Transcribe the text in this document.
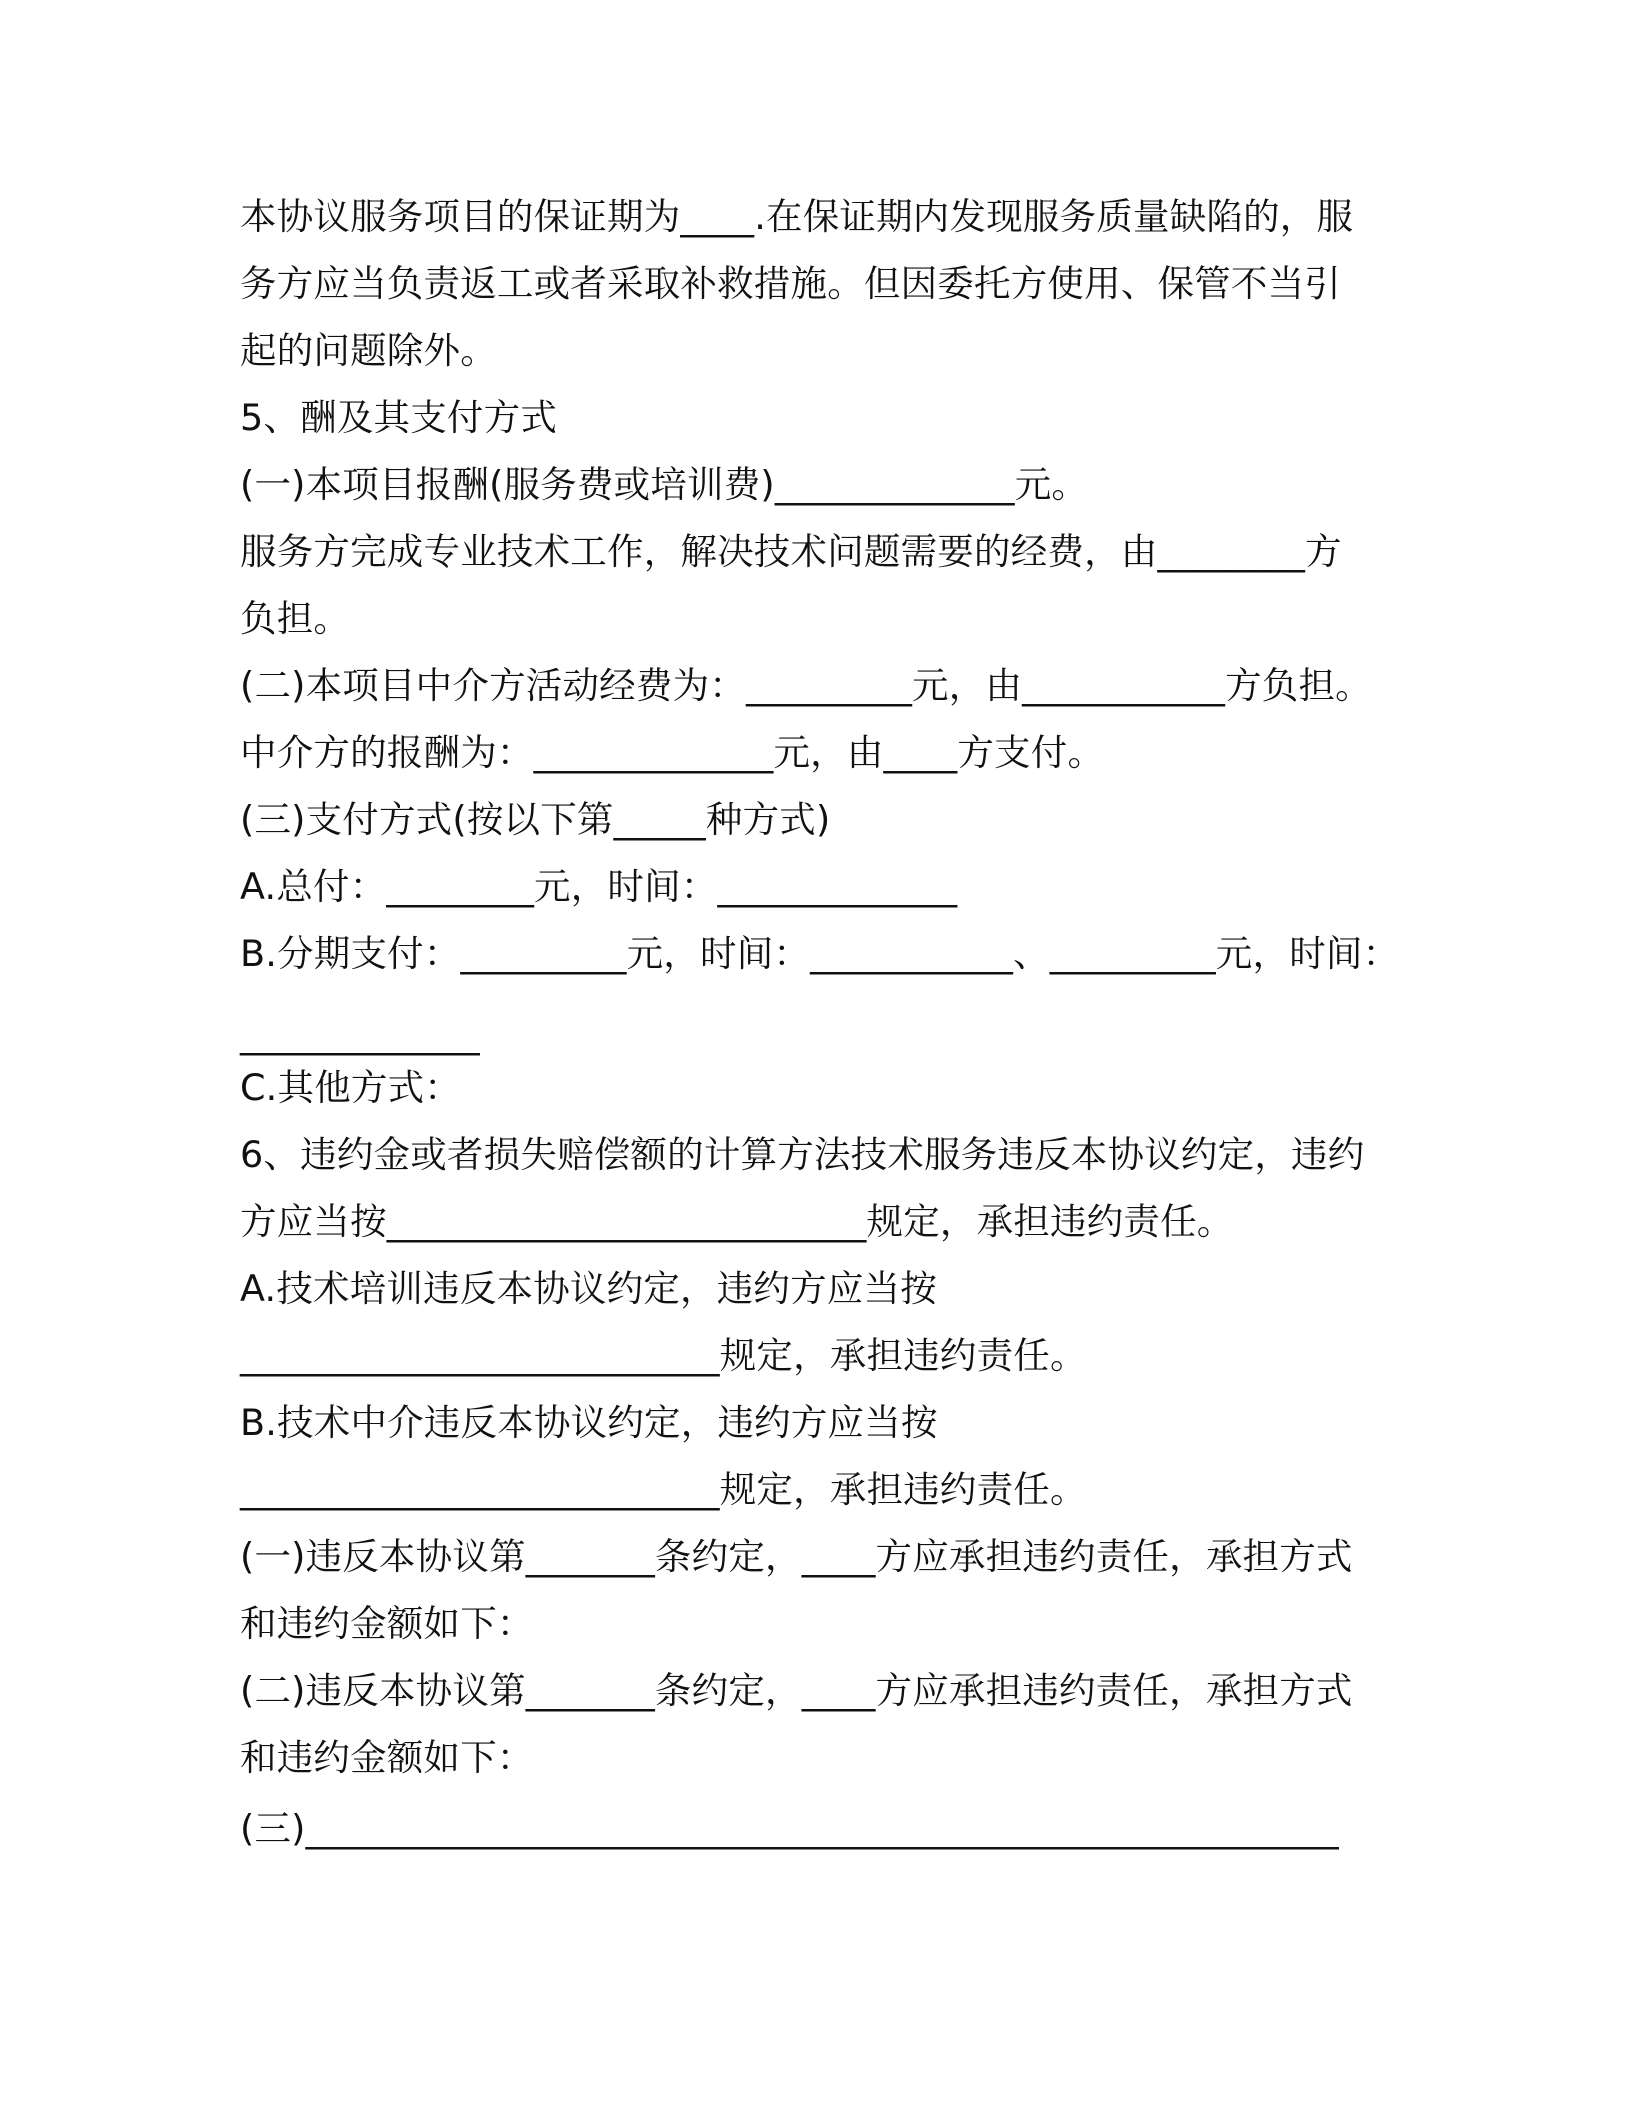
本协议服务项目的保证期为____.在保证期内发现服务质量缺陷的，服
务方应当负责返工或者采取补救措施。但因委托方使用、保管不当引
起的问题除外。
5、酬及其支付方式
(一)本项目报酬(服务费或培训费)_____________元。
服务方完成专业技术工作，解决技术问题需要的经费，由________方
负担。
(二)本项目中介方活动经费为：_________元，由___________方负担。
中介方的报酬为：_____________元，由____方支付。
(三)支付方式(按以下第_____种方式)
A.总付：________元，时间：_____________
B.分期支付：_________元，时间：___________、_________元，时间：
_____________
C.其他方式：
6、违约金或者损失赔偿额的计算方法技术服务违反本协议约定，违约
方应当按__________________________规定，承担违约责任。
A.技术培训违反本协议约定，违约方应当按
__________________________规定，承担违约责任。
B.技术中介违反本协议约定，违约方应当按
__________________________规定，承担违约责任。
(一)违反本协议第_______条约定，____方应承担违约责任，承担方式
和违约金额如下：
(二)违反本协议第_______条约定，____方应承担违约责任，承担方式
和违约金额如下：
(三)________________________________________________________
